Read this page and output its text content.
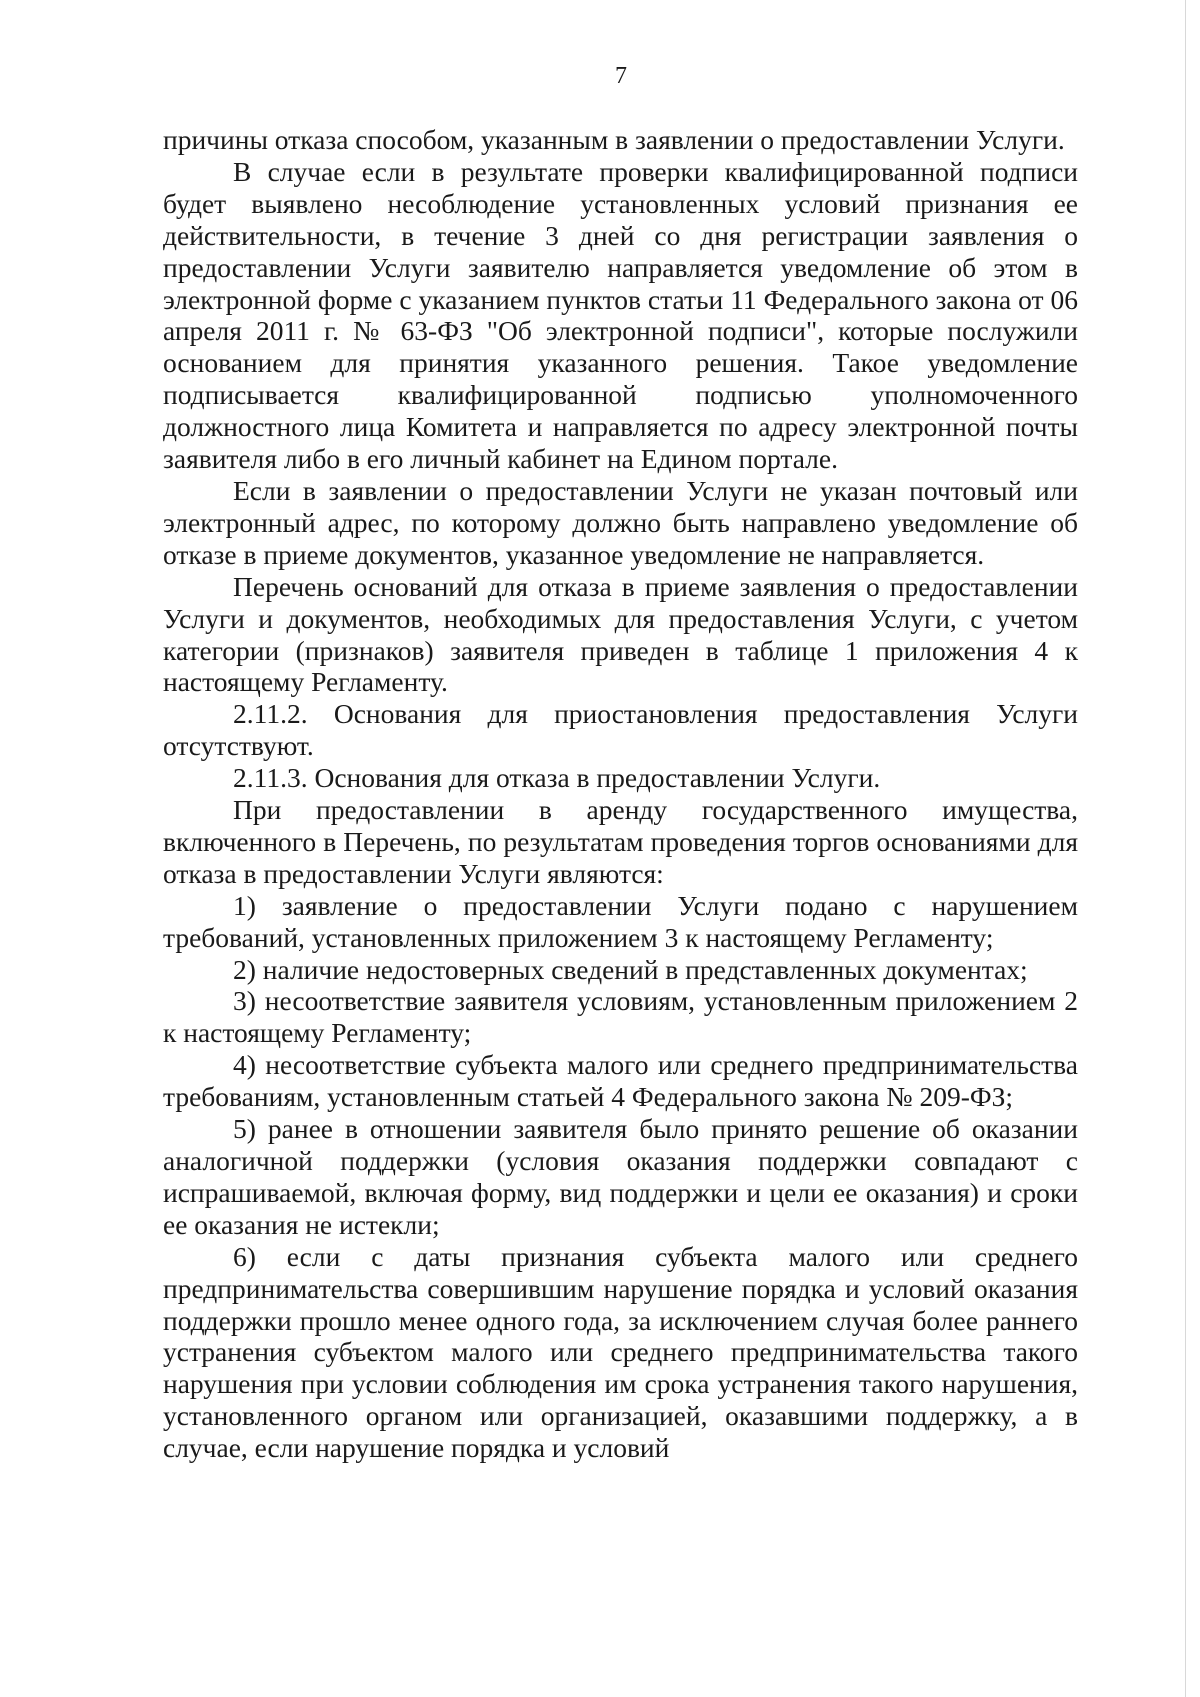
7

причины отказа способом, указанным в заявлении о предоставлении Услуги.

В случае если в результате проверки квалифицированной подписи будет выявлено несоблюдение установленных условий признания ее действительности, в течение 3 дней со дня регистрации заявления о предоставлении Услуги заявителю направляется уведомление об этом в электронной форме с указанием пунктов статьи 11 Федерального закона от 06 апреля 2011 г. № 63-ФЗ "Об электронной подписи", которые послужили основанием для принятия указанного решения. Такое уведомление подписывается квалифицированной подписью уполномоченного должностного лица Комитета и направляется по адресу электронной почты заявителя либо в его личный кабинет на Едином портале.

Если в заявлении о предоставлении Услуги не указан почтовый или электронный адрес, по которому должно быть направлено уведомление об отказе в приеме документов, указанное уведомление не направляется.

Перечень оснований для отказа в приеме заявления о предоставлении Услуги и документов, необходимых для предоставления Услуги, с учетом категории (признаков) заявителя приведен в таблице 1 приложения 4 к настоящему Регламенту.

2.11.2. Основания для приостановления предоставления Услуги отсутствуют.

2.11.3. Основания для отказа в предоставлении Услуги.

При предоставлении в аренду государственного имущества, включенного в Перечень, по результатам проведения торгов основаниями для отказа в предоставлении Услуги являются:

1) заявление о предоставлении Услуги подано с нарушением требований, установленных приложением 3 к настоящему Регламенту;

2) наличие недостоверных сведений в представленных документах;

3) несоответствие заявителя условиям, установленным приложением 2 к настоящему Регламенту;

4) несоответствие субъекта малого или среднего предпринимательства требованиям, установленным статьей 4 Федерального закона № 209-ФЗ;

5) ранее в отношении заявителя было принято решение об оказании аналогичной поддержки (условия оказания поддержки совпадают с испрашиваемой, включая форму, вид поддержки и цели ее оказания) и сроки ее оказания не истекли;

6) если с даты признания субъекта малого или среднего предпринимательства совершившим нарушение порядка и условий оказания поддержки прошло менее одного года, за исключением случая более раннего устранения субъектом малого или среднего предпринимательства такого нарушения при условии соблюдения им срока устранения такого нарушения, установленного органом или организацией, оказавшими поддержку, а в случае, если нарушение порядка и условий
